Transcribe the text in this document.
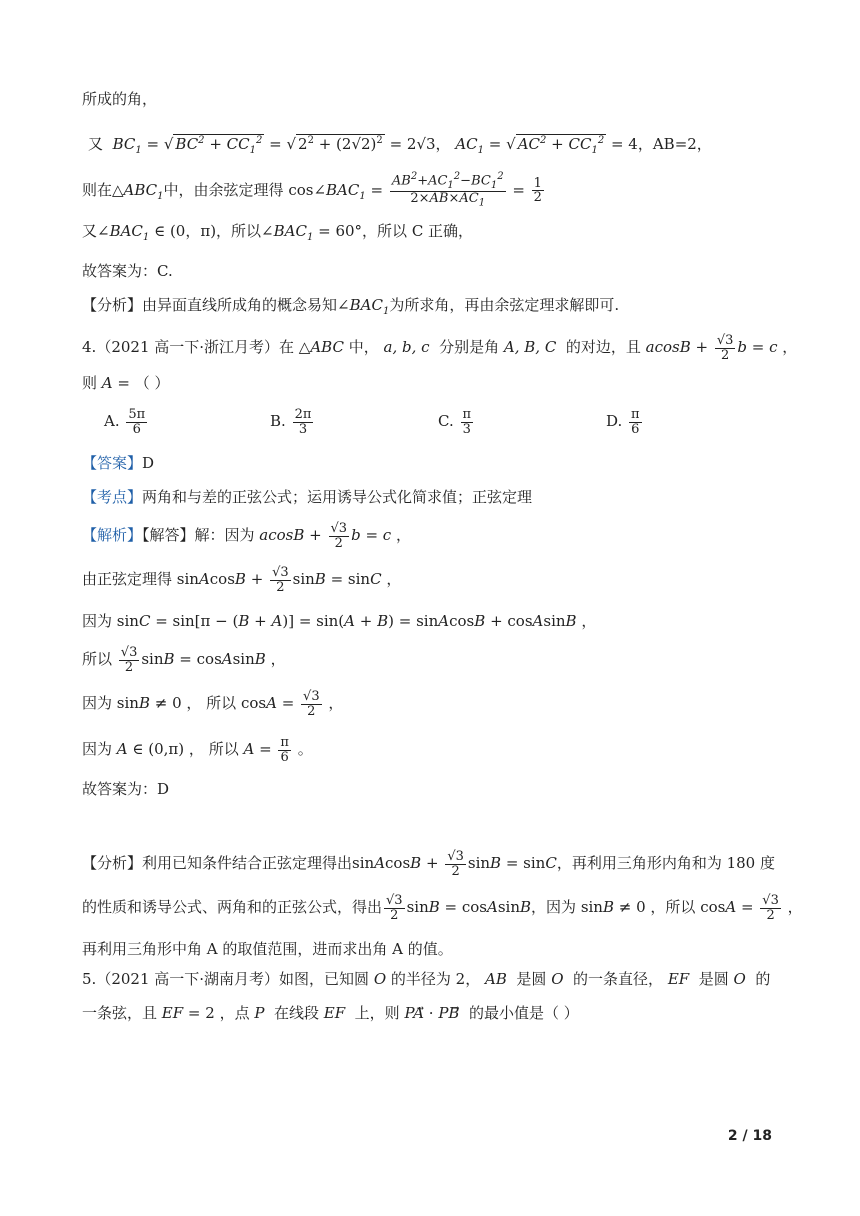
所成的角，
又 $BC_1$ = √ $BC^2 + CC_1^2$ = √ $2^2 + (2√2)^2 = 2√3$， $AC_1$ = √ $AC^2 + CC_1^2 = 4$，AB=2，
则在$\triangle ABC_1$中，由余弦定理得 $\cos\angle BAC_1 = \frac{AB^2+AC_1^2-BC_1^2}{2\times AB\times AC_1} = \frac{1}{2}$
又$\angle BAC_1$ ∈ (0，π)，所以$\angle BAC_1 = 60^\circ$，所以 C 正确，
故答案为：C.
【分析】由异面直线所成角的概念易知$\angle BAC_1$为所求角，再由余弦定理求解即可.
4.（2021 高一下·浙江月考）在 △ABC 中， a, b, c 分别是角 A, B, C 的对边，且 $acosB + \frac{√3}{2}$ b = c ，
则 A = （ ）
A. $\frac{5\pi}{6}$	B. $\frac{2\pi}{3}$	C. $\frac{\pi}{3}$	D. $\frac{\pi}{6}$
【答案】D
【考点】两角和与差的正弦公式；运用诱导公式化简求值；正弦定理
【解析】【解答】解：因为 $acosB + \frac{√3}{2}$ b = c ，
由正弦定理得 sinAcosB + $\frac{√3}{2}$ sinB = sinC ，
因为 sinC = sin[π − (B + A)] = sin(A + B) = sinAcosB + cosAsinB ，
所以 $\frac{√3}{2}$ sinB = cosAsinB ，
因为 sinB ≠ 0 ， 所以 $\cos A = \frac{√3}{2}$ ，
因为 A ∈ (0,π) ， 所以 $A = \frac{\pi}{6}$ 。
故答案为：D
【分析】利用已知条件结合正弦定理得出sinAcosB + $\frac{√3}{2}$ sinB = sinC，再利用三角形内角和为 180 度
的性质和诱导公式、两角和的正弦公式，得出 $\frac{√3}{2}$ sinB = cosAsinB，因为 sinB ≠ 0 ，所以 $\cos A = \frac{√3}{2}$ ，
再利用三角形中角 A 的取值范围，进而求出角 A 的值。
5.（2021 高一下·湖南月考）如图，已知圆 O 的半径为 2， AB 是圆 O 的一条直径， EF 是圆 O 的
一条弦，且 EF = 2 ，点 P 在线段 EF 上，则 PA⃗ · PB⃗  的最小值是（ ）
2 / 18
